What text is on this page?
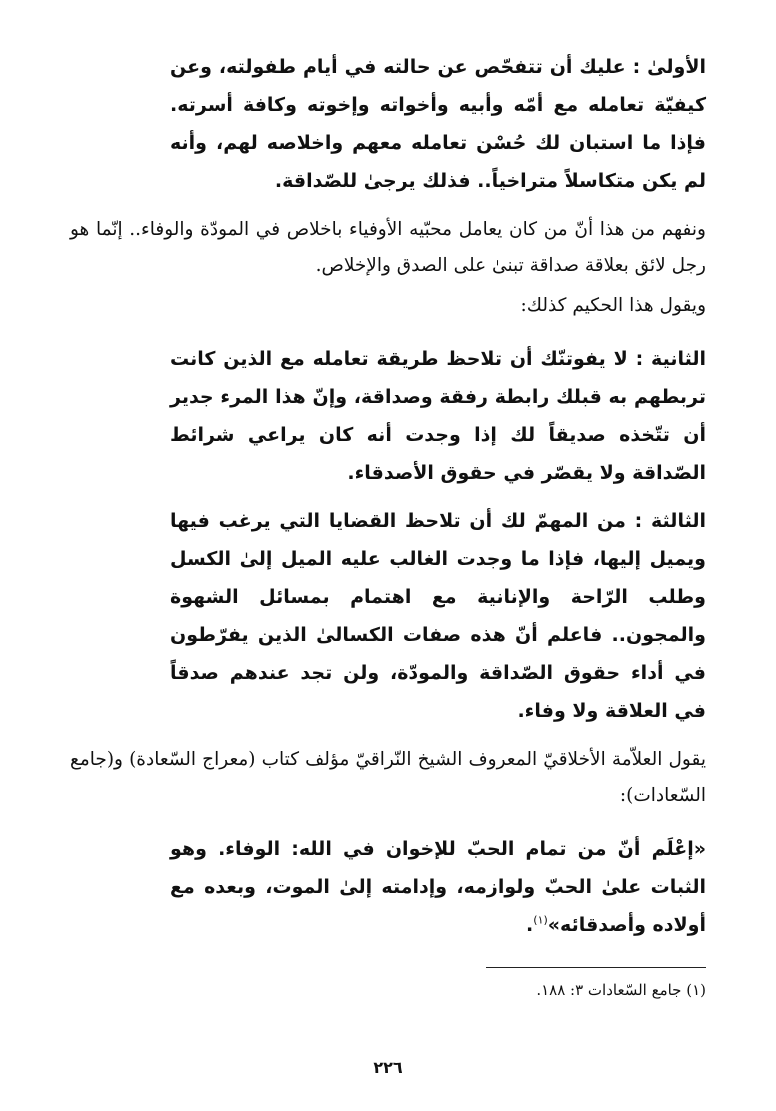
الأولىٰ : عليك أن تتفحّص عن حالته في أيام طفولته، وعن كيفيّة تعامله مع أمّه وأبيه وأخواته وإخوته وكافة أسرته. فإذا ما استبان لك حُسْن تعامله معهم واخلاصه لهم، وأنه لم يكن متكاسلاً متراخياً.. فذلك يرجىٰ للصّداقة.

ونفهم من هذا أنّ من كان يعامل محبّيه الأوفياء باخلاص في المودّة والوفاء.. إنّما هو رجل لائق بعلاقة صداقة تبنىٰ على الصدق والإخلاص.

ويقول هذا الحكيم كذلك:

الثانية : لا يفوتنّك أن تلاحظ طريقة تعامله مع الذين كانت تربطهم به قبلك رابطة رفقة وصداقة، وإنّ هذا المرء جدير أن تتّخذه صديقاً لك إذا وجدت أنه كان يراعي شرائط الصّداقة ولا يقصّر في حقوق الأصدقاء.

الثالثة : من المهمّ لك أن تلاحظ القضايا التي يرغب فيها ويميل إليها، فإذا ما وجدت الغالب عليه الميل إلىٰ الكسل وطلب الرّاحة والإنانية مع اهتمام بمسائل الشهوة والمجون.. فاعلم أنّ هذه صفات الكسالىٰ الذين يفرّطون في أداء حقوق الصّداقة والمودّة، ولن تجد عندهم صدقاً في العلاقة ولا وفاء.

يقول العلاّمة الأخلاقيّ المعروف الشيخ النّراقيّ مؤلف كتاب (معراج السّعادة) و(جامع السّعادات):

«إعْلَم أنّ من تمام الحبّ للإخوان في الله: الوفاء. وهو الثبات علىٰ الحبّ ولوازمه، وإدامته إلىٰ الموت، وبعده مع أولاده وأصدقائه»$^{(١)}$.

(١) جامع السّعادات ٣: ١٨٨.

٢٢٦
